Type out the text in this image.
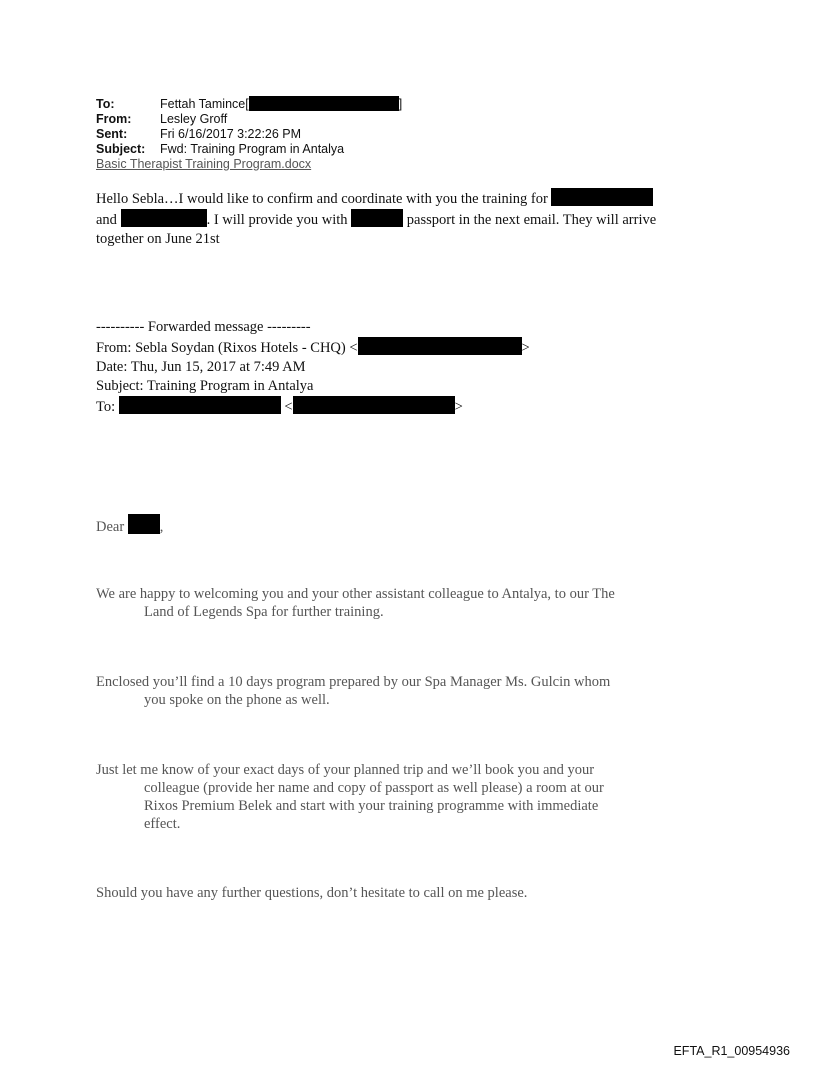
To:	Fettah Tamince[	]
From: Lesley Groff
Sent:	Fri 6/16/2017 3:22:26 PM
Subject: Fwd: Training Program in Antalya
Basic Therapist Training Program.docx
Hello Sebla…I would like to confirm and coordinate with you the training for
and	. I will provide you with	passport in the next email. They will arrive
together on June 21st
---------- Forwarded message ---------
From: Sebla Soydan (Rixos Hotels - CHQ) <	>
Date: Thu, Jun 15, 2017 at 7:49 AM
Subject: Training Program in Antalya
To:	<	>
Dear ,
We are happy to welcoming you and your other assistant colleague to Antalya, to our The
Land of Legends Spa for further training.
Enclosed you’ll find a 10 days program prepared by our Spa Manager Ms. Gulcin whom
you spoke on the phone as well.
Just let me know of your exact days of your planned trip and we’ll book you and your
colleague (provide her name and copy of passport as well please) a room at our
Rixos Premium Belek and start with your training programme with immediate
effect.
Should you have any further questions, don’t hesitate to call on me please.
EFTA_R1_00954936
